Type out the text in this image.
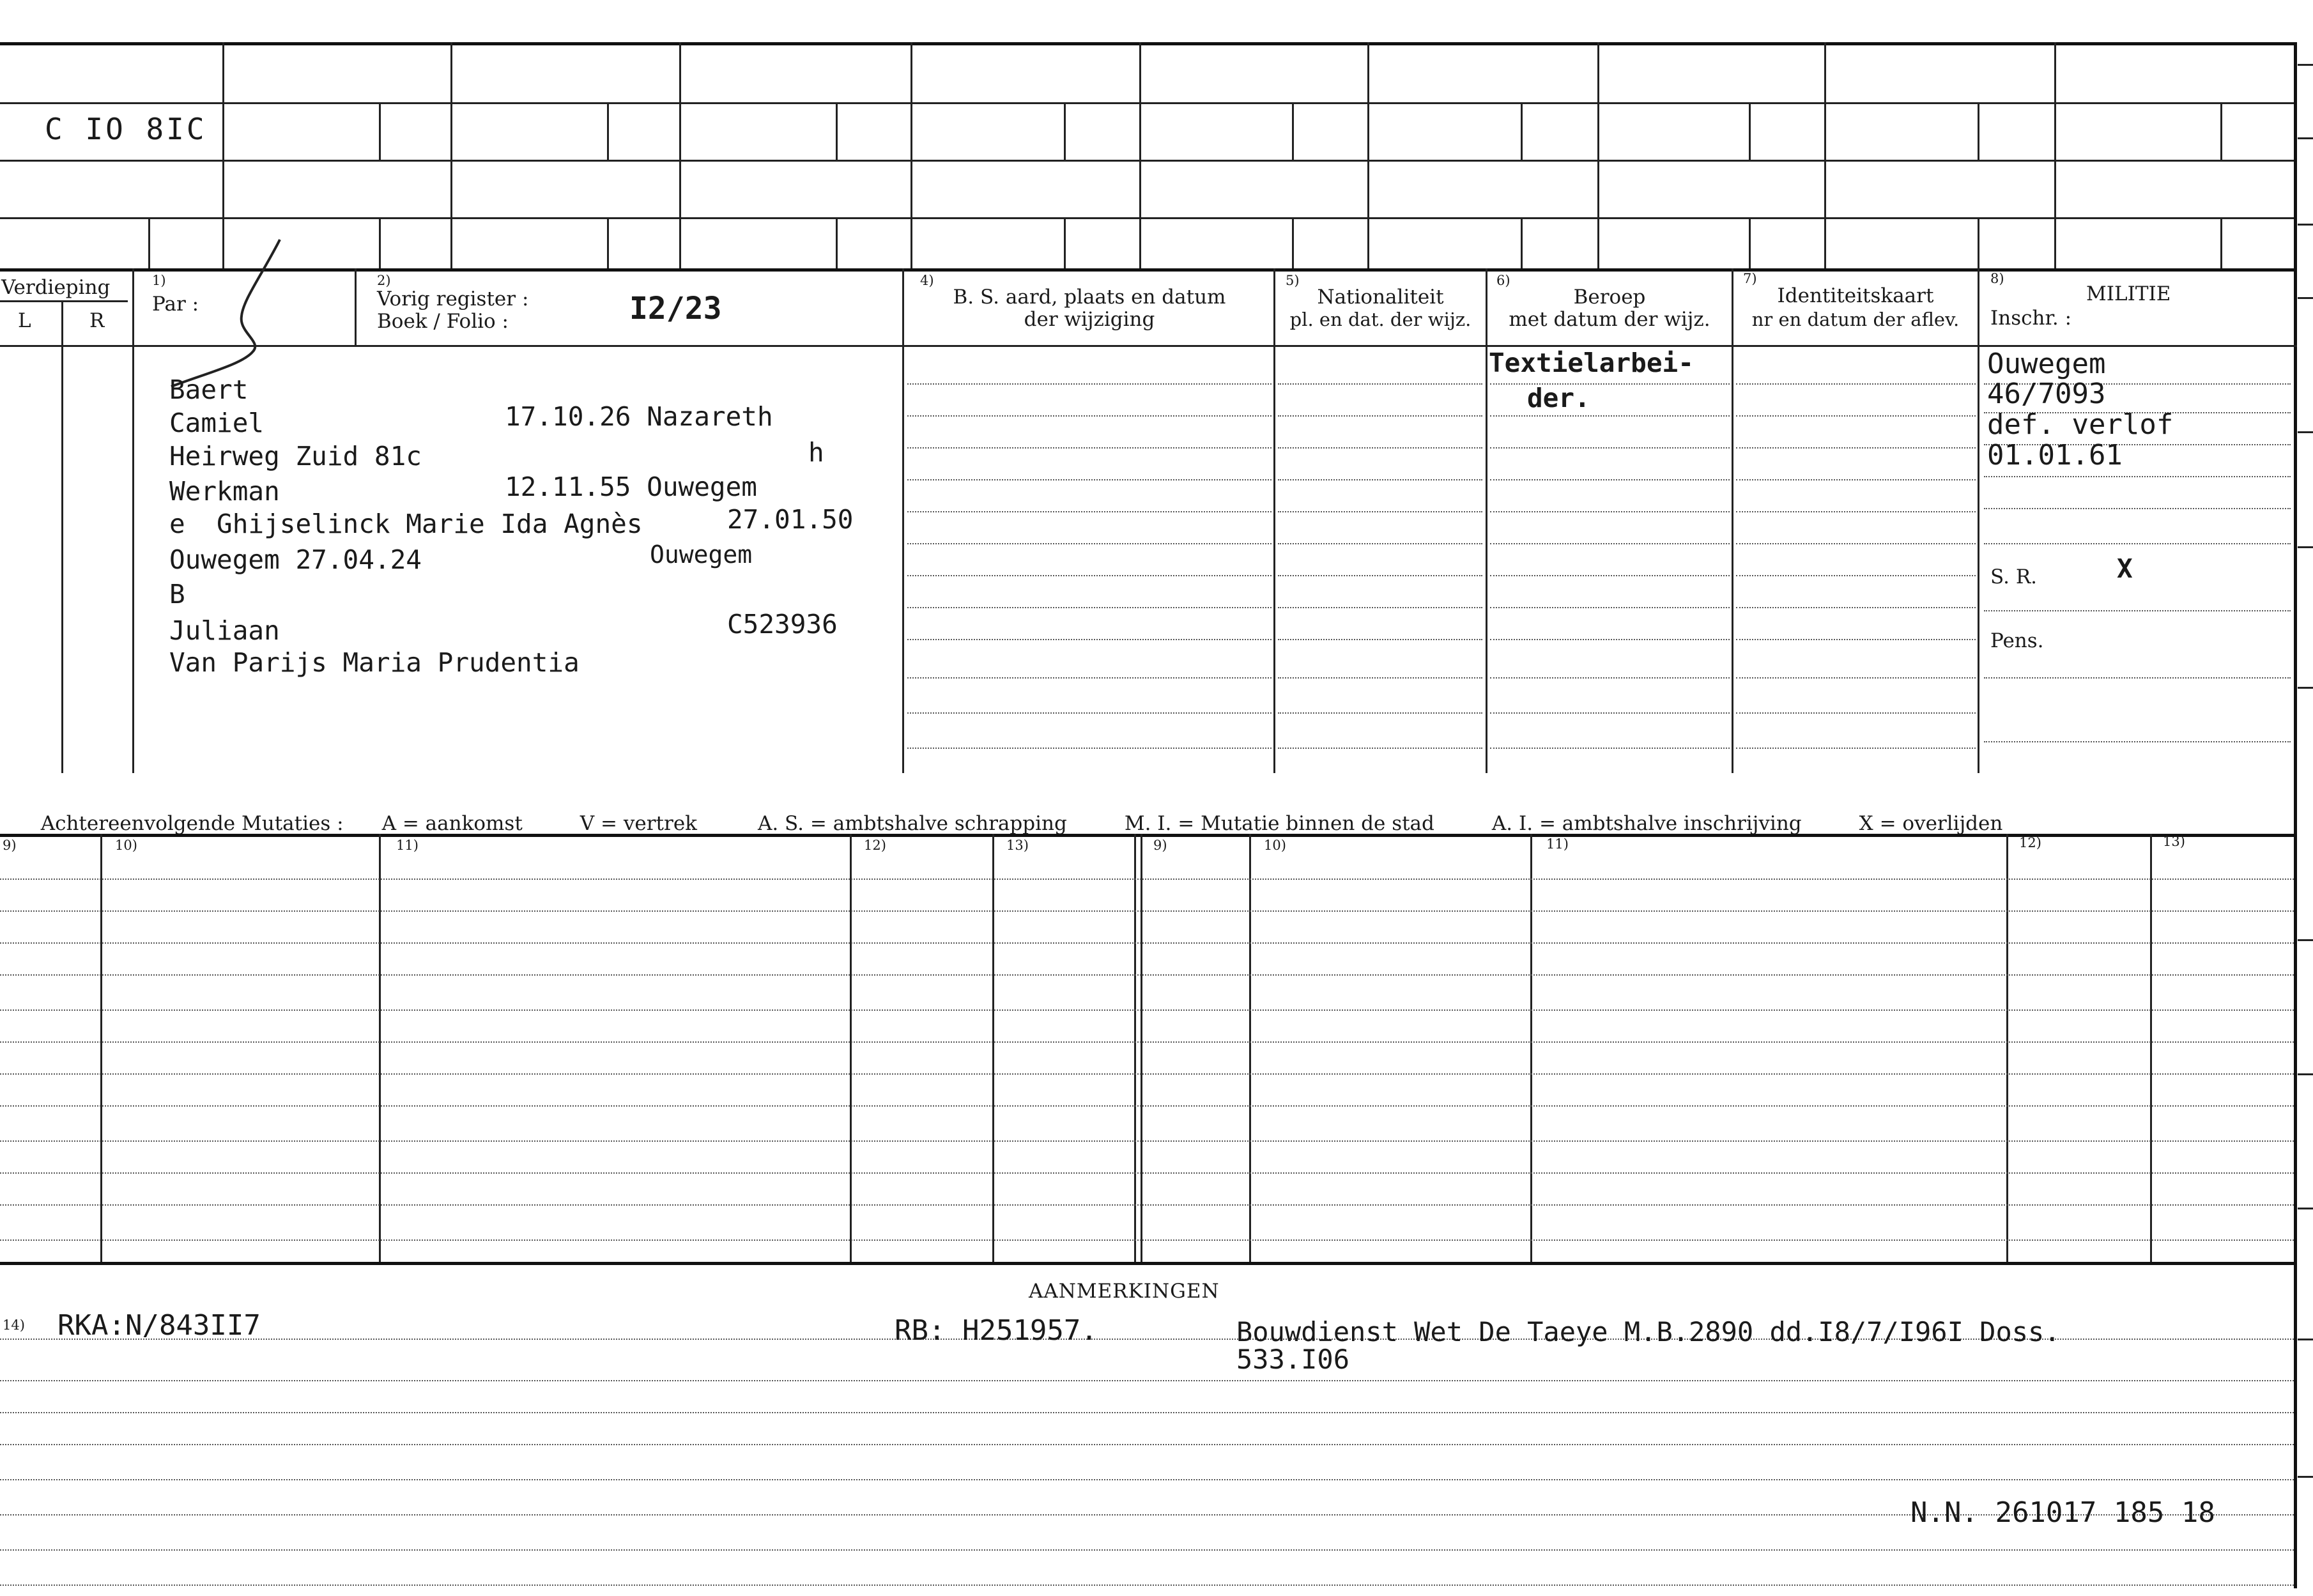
C IO 8IC
Verdieping
L	R
1)
Par :
2)
Vorig register :
Boek / Folio :	I2/23
4)
B. S. aard, plaats en datum
der wijziging
5)
Nationaliteit
pl. en dat. der wijz.
6)
Beroep
met datum der wijz.
7)
Identiteitskaart
nr en datum der aflev.
8)
MILITIE
Inschr. :
Baert
Camiel	17.10.26 Nazareth
Heirweg Zuid 81c	h
Werkman	12.11.55 Ouwegem
e  Ghijselinck Marie Ida Agnès	27.01.50
Ouwegem 27.04.24	Ouwegem
B
Juliaan	C523936
Van Parijs Maria Prudentia
Textielarbei-
der.
Ouwegem
46/7093
def. verlof
01.01.61
S. R.	X
Pens.

Achtereenvolgende Mutaties : A = aankomst	V = vertrek	A. S. = ambtshalve schrapping	M. I. = Mutatie binnen de stad	A. I. = ambtshalve inschrijving	X = overlijden

9)	10)	11)	12)	13)	9)	10)	11)	12)	13)
AANMERKINGEN
14) RKA:N/843II7	RB: H251957.	Bouwdienst Wet De Taeye M.B.2890 dd.I8/7/I96I Doss.
533.I06
N.N. 261017 185 18
